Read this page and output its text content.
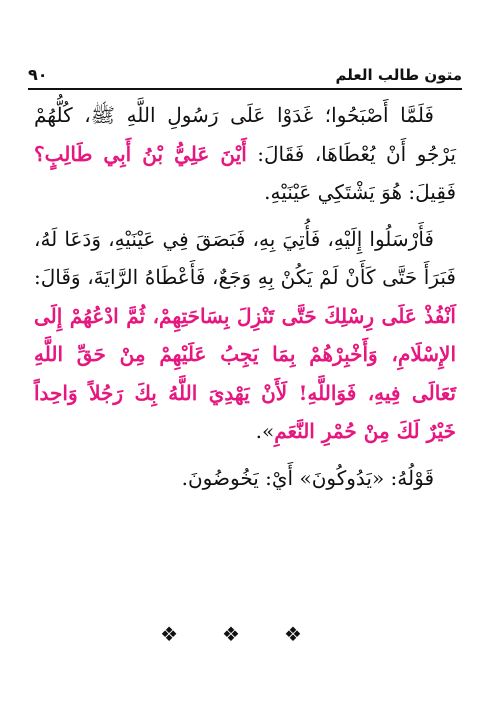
متون طالب العلم
٩٠

فَلَمَّا أَصْبَحُوا؛ غَدَوْا عَلَى رَسُولِ اللَّهِ ﷺ، كُلُّهُمْ يَرْجُو أَنْ يُعْطَاهَا، فَقَالَ: أَيْنَ عَلِيُّ بْنُ أَبِي طَالِبٍ؟ فَقِيلَ: هُوَ يَشْتَكِي عَيْنَيْهِ.

فَأَرْسَلُوا إِلَيْهِ، فَأُتِيَ بِهِ، فَبَصَقَ فِي عَيْنَيْهِ، وَدَعَا لَهُ، فَبَرَأَ حَتَّى كَأَنْ لَمْ يَكُنْ بِهِ وَجَعٌ، فَأَعْطَاهُ الرَّايَةَ، وَقَالَ: اَنْفُذْ عَلَى رِسْلِكَ حَتَّى تَنْزِلَ بِسَاحَتِهِمْ، ثُمَّ ادْعُهُمْ إِلَى الإِسْلَامِ، وَأَخْبِرْهُمْ بِمَا يَجِبُ عَلَيْهِمْ مِنْ حَقِّ اللَّهِ تَعَالَى فِيهِ، فَوَاللَّهِ! لَأَنْ يَهْدِيَ اللَّهُ بِكَ رَجُلاً وَاحِداً خَيْرٌ لَكَ مِنْ حُمْرِ النَّعَمِ».

قَوْلُهُ: «يَدُوكُونَ» أَيْ: يَخُوضُونَ.

❖ ❖ ❖
